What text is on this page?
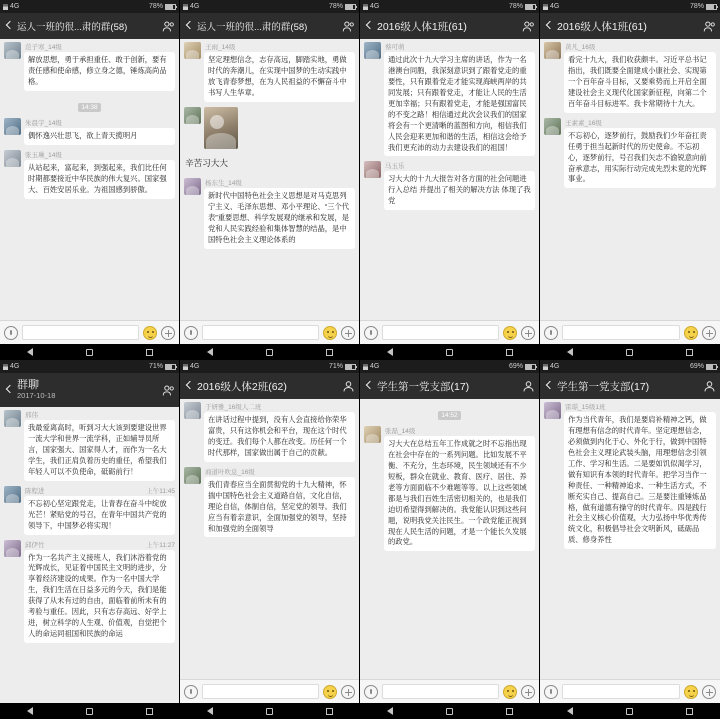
4G	78%
运人一班的很...肃的群(58)
范子寒_14级
解放思想，勇于承担重任、敢于创新，要有责任感和使命感，修立身之德，锤炼高尚品格。
14:38
朱晨宇_14级
偶怀逸兴壮思飞，欲上青天揽明月
张玉琳_14级
从站起来，富起来，到强起来，我们比任何时期都要接近中华民族的伟大复兴。国家强大、百姓安居乐业。为祖国感到骄傲。
4G	78%
运人一班的很...肃的群(58)
王雨_14级
坚定理想信念，志存高远，脚踏实地，勇做时代的奔潮儿，在实现中国梦的生动实践中放飞青春梦想，在为人民祖益的不懈奋斗中书写人生华章。
辛苦习大大
杨东生_14级
新时代中国特色社会主义思想是对马克思列宁主义、毛泽东思想、邓小平理论、“三个代表”重要思想、科学发展观的继承和发展，是党和人民实践经验和集体智慧的结晶，是中国特色社会主义理论体系的
4G	78%
2016级人体1班(61)
蔡可萌
通过此次十九大学习主席的讲话，作为一名港澳台同胞，我深刻意识到了跟着党走的重要性，只有跟着党走才能实现海峡两岸的共同发展；只有跟着党走，才能让人民的生活更加幸福；只有跟着党走，才能是强国富民的不变之路！相信通过此次会议我们的国家将会有一个更清晰的蓝图和方向，相信我们人民会迎来更加和谐的生活，相信这会给予我们更充沛的动力去建设我们的祖国！
马玉乐
习大大的十九大报告对各方面的社会问题进行入总结 并提出了相关的解决方法 体现了我党
4G	78%
2016级人体1班(61)
黄凡_16级
看完十九大，我们收获颇丰。习近平总书记指出，我们既要全面建成小康社会、实现第一个百年奋斗目标，又要乘势而上开启全面建设社会主义现代化国家新征程，向第二个百年奋斗目标进军。我卡常期待十九大。
王素素_16级
不忘初心，逐梦前行，鼓励我们少年奋扛责任勇于担当起新时代的历史使命。不忘初心，逐梦前行，号召我们矢志不渝锐意向前奋承意志，用实际行动完成先烈未竟的光辉事业。
4G	71%
群聊
2017-10-18
邢伟
我最爱离高时，听到习大大该到要建设世界一流大学和世界一流学科，正如辅导员所言，国家强大、国家得人才，而作为一名大学生，我们正肩负着历史的重任，希望我们年轻人可以不负使命，砥砺前行！
陈程进	上午11:45
不忘初心坚定跟党走，让青春在奋斗中绽放光芒！紧贴党的号召，在青年中国共产党的领导下，中国梦必将实现！
邱伊竹	上午11:27
作为一名共产主义接班人，我们沐浴着党的光辉成长，见证着中国民主文明的进步，分享着经济建设的成果。作为一名中国大学生，我们生活在日益多元的今天，我们是能获得了从未有过的自由，面临着前所未有的考验与重任。因此，只有志存高远、好学上进，树立科学的人生观、价值观，自觉把个人的命运同祖国和民族的命运
4G	71%
2016级人体2班(62)
于妍雅_16级人二班
在讲话过程中提到，没有人会直接给你荣华富贵，只有这你机会和平台，现在这个时代的变迁。我们每个人都在改变。历任何一个时代那样，国家做出属于自己的贡献。
商道叶吹息_16级
我们青春应当全面贯彻党的十九大精神，怀揣中国特色社会主义道路自信，文化自信，理论自信，体制自信，坚定党的领导。我们应当有着亲意识，全面加强党的领导，坚持和加强党的全面领导
4G	69%
学生第一党支部(17)
14:52
张磊_14级
习大大在总结五年工作成就之时不忘指出现在社会中存在的一系列问题。比如发展不平衡、不充分，生态环境，民生领域还有不少短板，群众在就业、教育、医疗、居住、养老等方面面临不少难题等等。以上这些领域都是与我们百姓生活密切相关的，也是我们迫切希望得到解决的。我党能认识到这些问题，说明我党关注民生。一个政党能正视到现在人民生活的问题，才是一个能长久发展的政党。
4G	69%
学生第一党支部(17)
雷璟_15级1班
作为当代青年，我们是要肩补精神之钙，做有理想有信念的时代青年。坚定理想信念，必须做到内化于心、外化于行，做到中国特色社会主义理论武装头脑，用理想信念引领工作、学习和生活。二是要如饥似渴学习，做有知识有本领的时代青年。把学习当作一种责任、一种精神追求、一种生活方式，不断充实自己、提高自己。三是要注重锤炼品格，做有道德有操守的时代青年。四是践行社会主义核心价值观，大力弘扬中华优秀传统文化，积极倡导社会文明新风，砥砺品质、修身养性
